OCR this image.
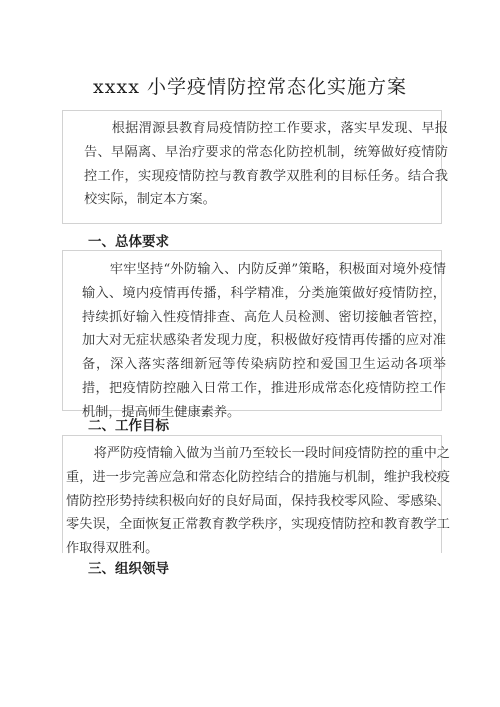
xxxx 小学疫情防控常态化实施方案

根据渭源县教育局疫情防控工作要求，落实早发现、早报告、早隔离、早治疗要求的常态化防控机制，统筹做好疫情防控工作，实现疫情防控与教育教学双胜利的目标任务。结合我校实际，制定本方案。

一、总体要求

牢牢坚持“外防输入、内防反弹”策略，积极面对境外疫情输入、境内疫情再传播，科学精准，分类施策做好疫情防控，持续抓好输入性疫情排查、高危人员检测、密切接触者管控，加大对无症状感染者发现力度，积极做好疫情再传播的应对准备，深入落实落细新冠等传染病防控和爱国卫生运动各项举措，把疫情防控融入日常工作，推进形成常态化疫情防控工作机制，提高师生健康素养。

二、工作目标

将严防疫情输入做为当前乃至较长一段时间疫情防控的重中之重，进一步完善应急和常态化防控结合的措施与机制，维护我校疫情防控形势持续积极向好的良好局面，保持我校零风险、零感染、零失误，全面恢复正常教育教学秩序，实现疫情防控和教育教学工作取得双胜利。

三、组织领导
